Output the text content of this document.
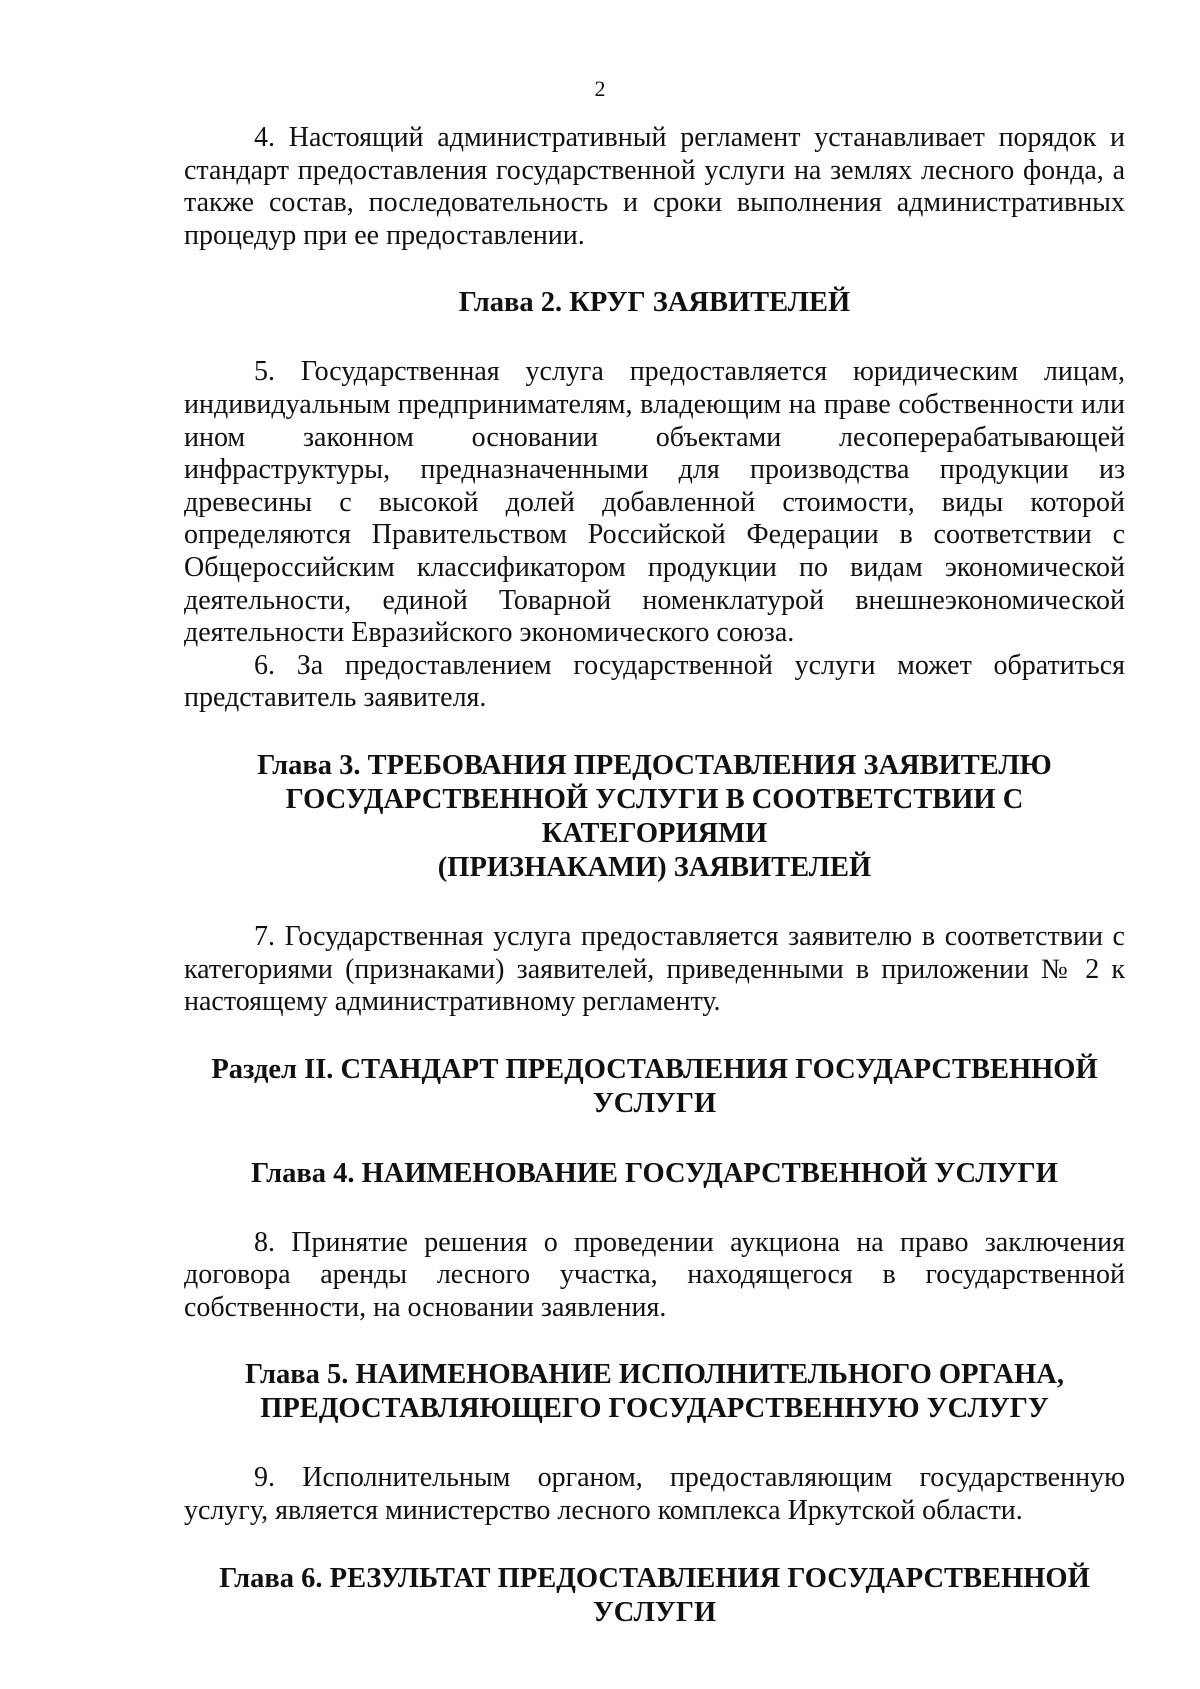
2

4. Настоящий административный регламент устанавливает порядок и стандарт предоставления государственной услуги на землях лесного фонда, а также состав, последовательность и сроки выполнения административных процедур при ее предоставлении.

Глава 2. КРУГ ЗАЯВИТЕЛЕЙ

5. Государственная услуга предоставляется юридическим лицам, индивидуальным предпринимателям, владеющим на праве собственности или ином законном основании объектами лесоперерабатывающей инфраструктуры, предназначенными для производства продукции из древесины с высокой долей добавленной стоимости, виды которой определяются Правительством Российской Федерации в соответствии с Общероссийским классификатором продукции по видам экономической деятельности, единой Товарной номенклатурой внешнеэкономической деятельности Евразийского экономического союза.

6. За предоставлением государственной услуги может обратиться представитель заявителя.

Глава 3. ТРЕБОВАНИЯ ПРЕДОСТАВЛЕНИЯ ЗАЯВИТЕЛЮ
ГОСУДАРСТВЕННОЙ УСЛУГИ В СООТВЕТСТВИИ С КАТЕГОРИЯМИ
(ПРИЗНАКАМИ) ЗАЯВИТЕЛЕЙ

7. Государственная услуга предоставляется заявителю в соответствии с категориями (признаками) заявителей, приведенными в приложении № 2 к настоящему административному регламенту.

Раздел II. СТАНДАРТ ПРЕДОСТАВЛЕНИЯ ГОСУДАРСТВЕННОЙ
УСЛУГИ
Глава 4. НАИМЕНОВАНИЕ ГОСУДАРСТВЕННОЙ УСЛУГИ

8. Принятие решения о проведении аукциона на право заключения договора аренды лесного участка, находящегося в государственной собственности, на основании заявления.

Глава 5. НАИМЕНОВАНИЕ ИСПОЛНИТЕЛЬНОГО ОРГАНА,
ПРЕДОСТАВЛЯЮЩЕГО ГОСУДАРСТВЕННУЮ УСЛУГУ

9. Исполнительным органом, предоставляющим государственную услугу, является министерство лесного комплекса Иркутской области.

Глава 6. РЕЗУЛЬТАТ ПРЕДОСТАВЛЕНИЯ ГОСУДАРСТВЕННОЙ
УСЛУГИ
